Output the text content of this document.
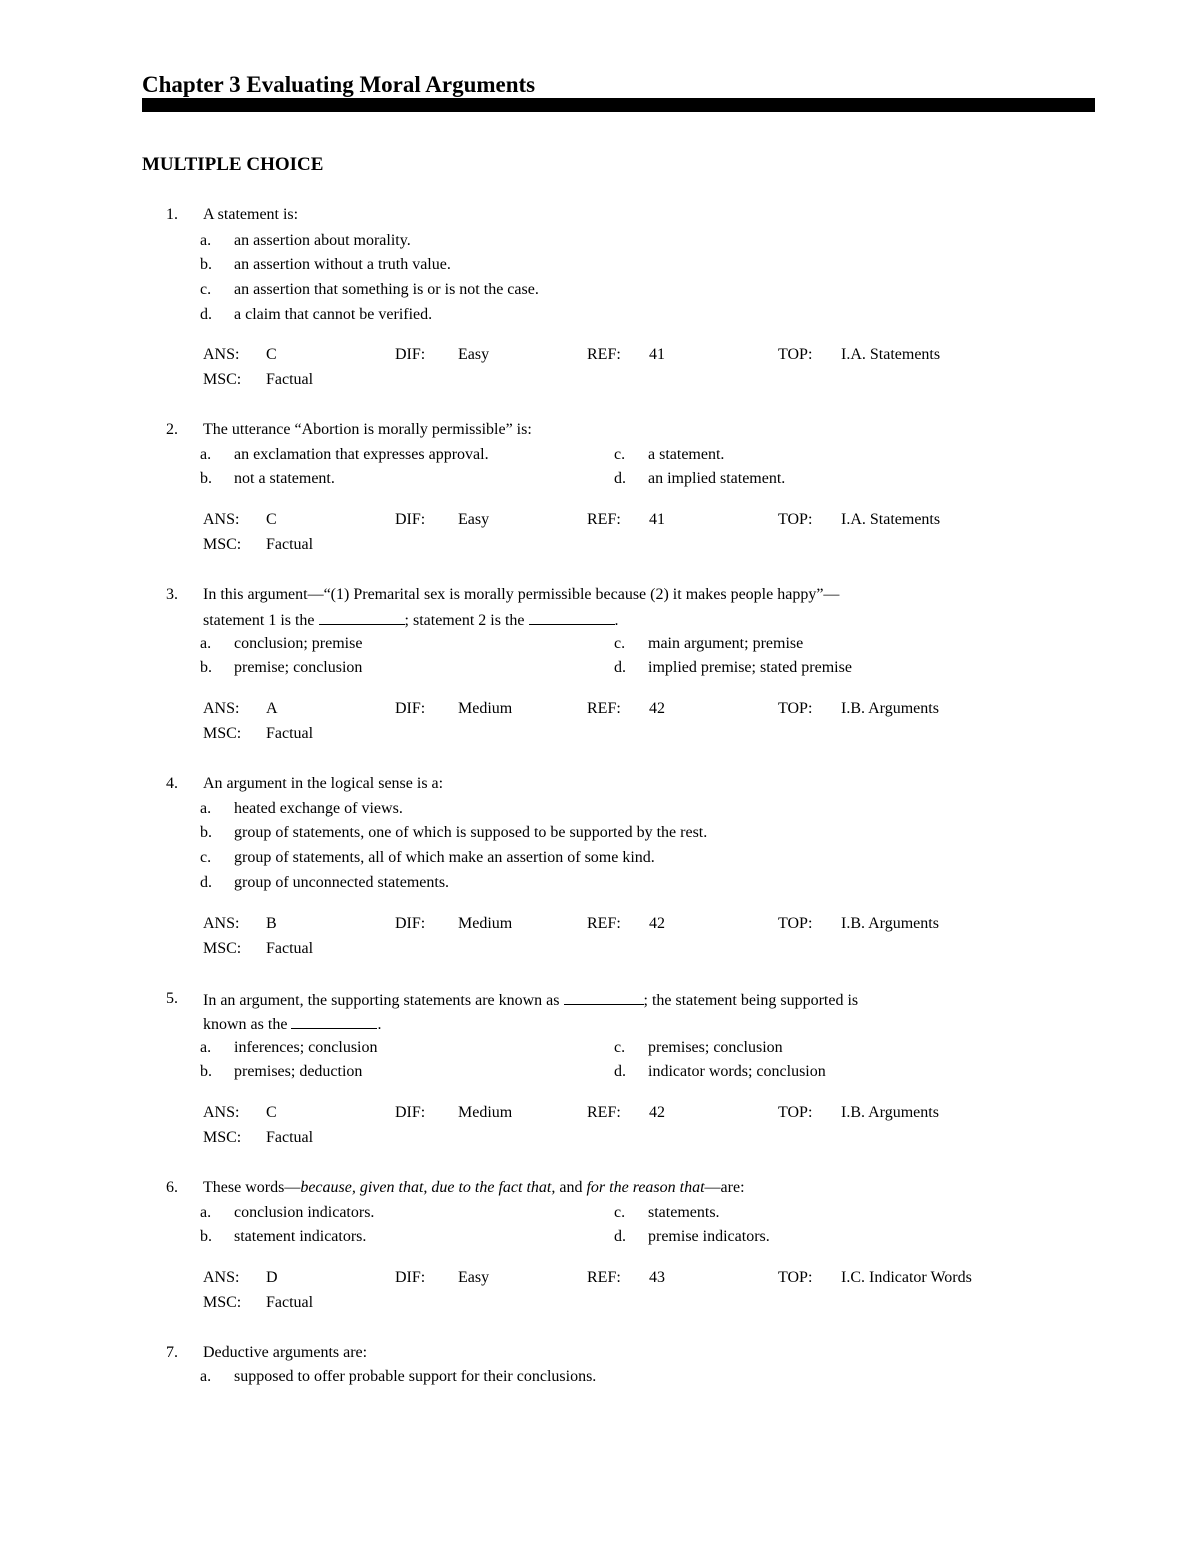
Chapter 3 Evaluating Moral Arguments
MULTIPLE CHOICE
1. A statement is:
a. an assertion about morality.
b. an assertion without a truth value.
c. an assertion that something is or is not the case.
d. a claim that cannot be verified.
ANS: C	DIF: Easy	REF: 41	TOP: I.A. Statements
MSC: Factual
2. The utterance “Abortion is morally permissible” is:
a. an exclamation that expresses approval.	c. a statement.
b. not a statement.	d. an implied statement.
ANS: C	DIF: Easy	REF: 41	TOP: I.A. Statements
MSC: Factual
3. In this argument—“(1) Premarital sex is morally permissible because (2) it makes people happy”—
statement 1 is the	; statement 2 is the	.
a. conclusion; premise	c. main argument; premise
b. premise; conclusion	d. implied premise; stated premise
ANS: A	DIF: Medium	REF: 42	TOP: I.B. Arguments
MSC: Factual
4. An argument in the logical sense is a:
a. heated exchange of views.
b. group of statements, one of which is supposed to be supported by the rest.
c. group of statements, all of which make an assertion of some kind.
d. group of unconnected statements.
ANS: B	DIF: Medium	REF: 42	TOP: I.B. Arguments
MSC: Factual
5. In an argument, the supporting statements are known as	; the statement being supported is
known as the	.
a. inferences; conclusion	c. premises; conclusion
b. premises; deduction	d. indicator words; conclusion
ANS: C	DIF: Medium	REF: 42	TOP: I.B. Arguments
MSC: Factual
6. These words—because, given that, due to the fact that, and for the reason that—are:
a. conclusion indicators.	c. statements.
b. statement indicators.	d. premise indicators.
ANS: D	DIF: Easy	REF: 43	TOP: I.C. Indicator Words
MSC: Factual
7. Deductive arguments are:
a. supposed to offer probable support for their conclusions.
